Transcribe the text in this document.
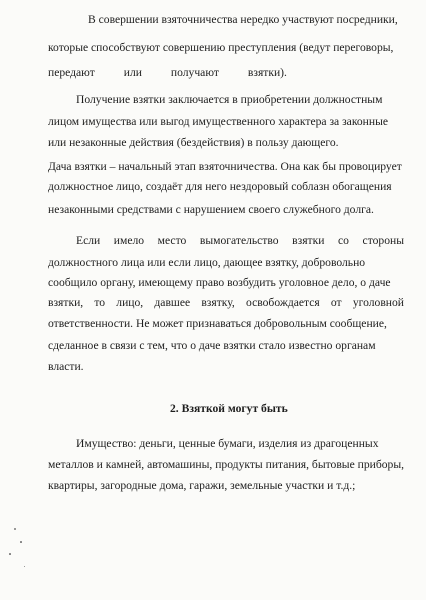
В совершении взяточничества нередко участвуют посредники,
которые способствуют совершению преступления (ведут переговоры,
передают          или          получают          взятки).
Получение взятки заключается в приобретении должностным
лицом имущества или выгод имущественного характера за законные
или незаконные действия (бездействия) в пользу дающего.
Дача взятки – начальный этап взяточничества. Она как бы провоцирует
должностное лицо, создаёт для него нездоровый соблазн обогащения
незаконными средствами с нарушением своего служебного долга.
Если имело место вымогательство взятки со стороны
должностного лица или если лицо, дающее взятку, добровольно
сообщило органу, имеющему право возбудить уголовное дело, о даче
взятки, то лицо, давшее взятку, освобождается от уголовной
ответственности. Не может признаваться добровольным сообщение,
сделанное в связи с тем, что о даче взятки стало известно органам
власти.
2. Взяткой могут быть
Имущество: деньги, ценные бумаги, изделия из драгоценных
металлов и камней, автомашины, продукты питания, бытовые приборы,
квартиры, загородные дома, гаражи, земельные участки и т.д.;
